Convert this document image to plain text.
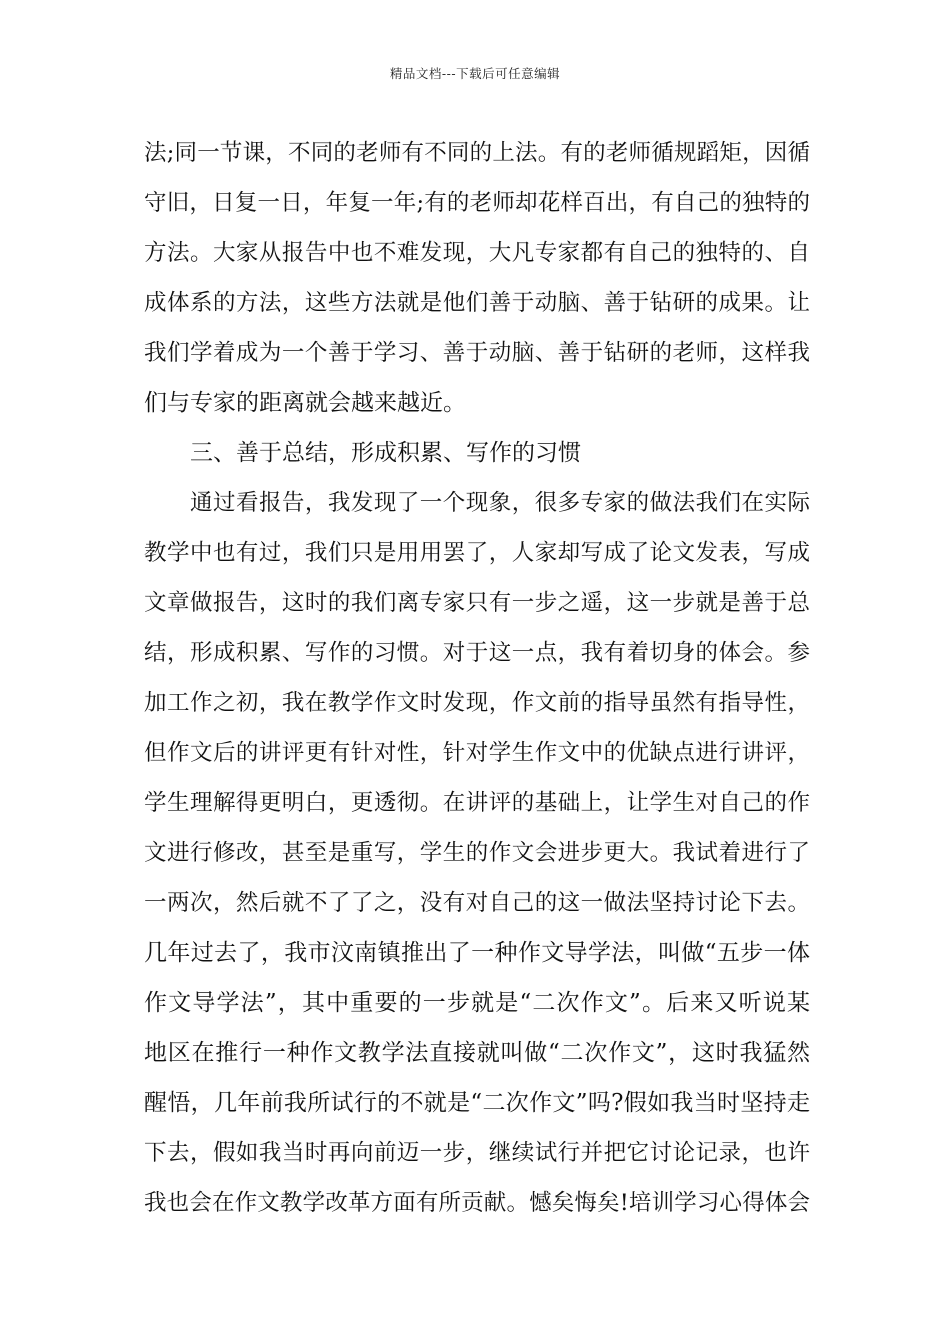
精品文档---下载后可任意编辑
法;同一节课，不同的老师有不同的上法。有的老师循规蹈矩，因循
守旧，日复一日，年复一年;有的老师却花样百出，有自己的独特的
方法。大家从报告中也不难发现，大凡专家都有自己的独特的、自
成体系的方法，这些方法就是他们善于动脑、善于钻研的成果。让
我们学着成为一个善于学习、善于动脑、善于钻研的老师，这样我
们与专家的距离就会越来越近。
三、善于总结，形成积累、写作的习惯
通过看报告，我发现了一个现象，很多专家的做法我们在实际
教学中也有过，我们只是用用罢了，人家却写成了论文发表，写成
文章做报告，这时的我们离专家只有一步之遥，这一步就是善于总
结，形成积累、写作的习惯。对于这一点，我有着切身的体会。参
加工作之初，我在教学作文时发现，作文前的指导虽然有指导性，
但作文后的讲评更有针对性，针对学生作文中的优缺点进行讲评，
学生理解得更明白，更透彻。在讲评的基础上，让学生对自己的作
文进行修改，甚至是重写，学生的作文会进步更大。我试着进行了
一两次，然后就不了了之，没有对自己的这一做法坚持讨论下去。
几年过去了，我市汶南镇推出了一种作文导学法，叫做“五步一体
作文导学法”，其中重要的一步就是“二次作文”。后来又听说某
地区在推行一种作文教学法直接就叫做“二次作文”，这时我猛然
醒悟，几年前我所试行的不就是“二次作文”吗?假如我当时坚持走
下去，假如我当时再向前迈一步，继续试行并把它讨论记录，也许
我也会在作文教学改革方面有所贡献。憾矣悔矣!培训学习心得体会
